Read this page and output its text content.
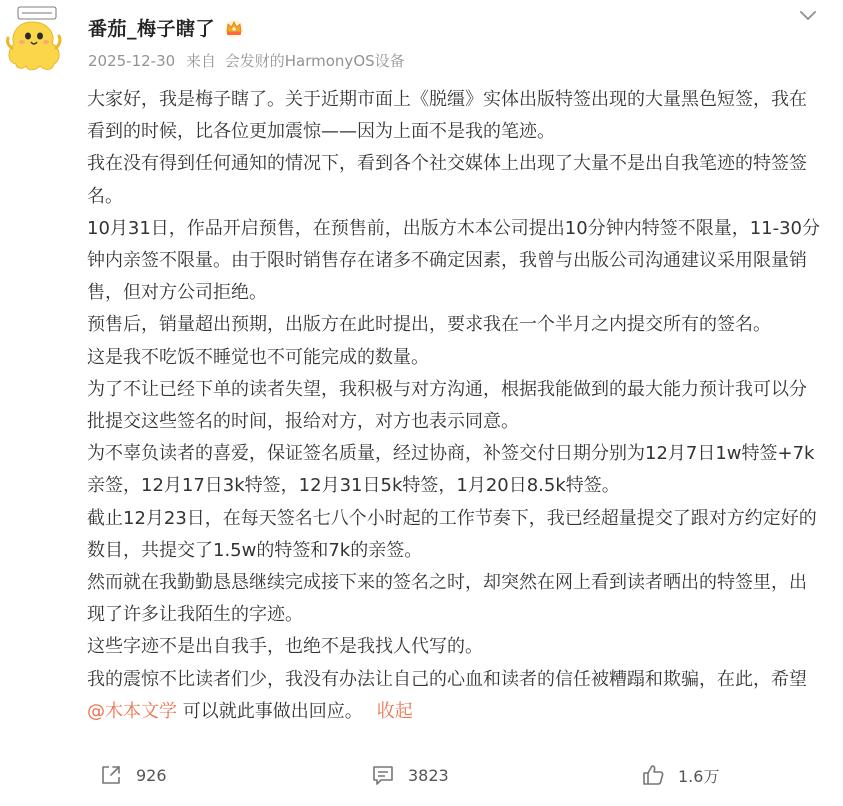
番茄_梅子瞎了
2025-12-30 来自 会发财的HarmonyOS设备

大家好，我是梅子瞎了。关于近期市面上《脱缰》实体出版特签出现的大量黑色短签，我在看到的时候，比各位更加震惊——因为上面不是我的笔迹。

我在没有得到任何通知的情况下，看到各个社交媒体上出现了大量不是出自我笔迹的特签签名。

10月31日，作品开启预售，在预售前，出版方木本公司提出10分钟内特签不限量，11-30分钟内亲签不限量。由于限时销售存在诸多不确定因素，我曾与出版公司沟通建议采用限量销售，但对方公司拒绝。

预售后，销量超出预期，出版方在此时提出，要求我在一个半月之内提交所有的签名。

这是我不吃饭不睡觉也不可能完成的数量。

为了不让已经下单的读者失望，我积极与对方沟通，根据我能做到的最大能力预计我可以分批提交这些签名的时间，报给对方，对方也表示同意。

为不辜负读者的喜爱，保证签名质量，经过协商，补签交付日期分别为12月7日1w特签+7k亲签，12月17日3k特签，12月31日5k特签，1月20日8.5k特签。

截止12月23日，在每天签名七八个小时起的工作节奏下，我已经超量提交了跟对方约定好的数目，共提交了1.5w的特签和7k的亲签。

然而就在我勤勤恳恳继续完成接下来的签名之时，却突然在网上看到读者晒出的特签里，出现了许多让我陌生的字迹。

这些字迹不是出自我手，也绝不是我找人代写的。

我的震惊不比读者们少，我没有办法让自己的心血和读者的信任被糟蹋和欺骗，在此，希望@木本文学 可以就此事做出回应。 收起

926	3823	1.6万
